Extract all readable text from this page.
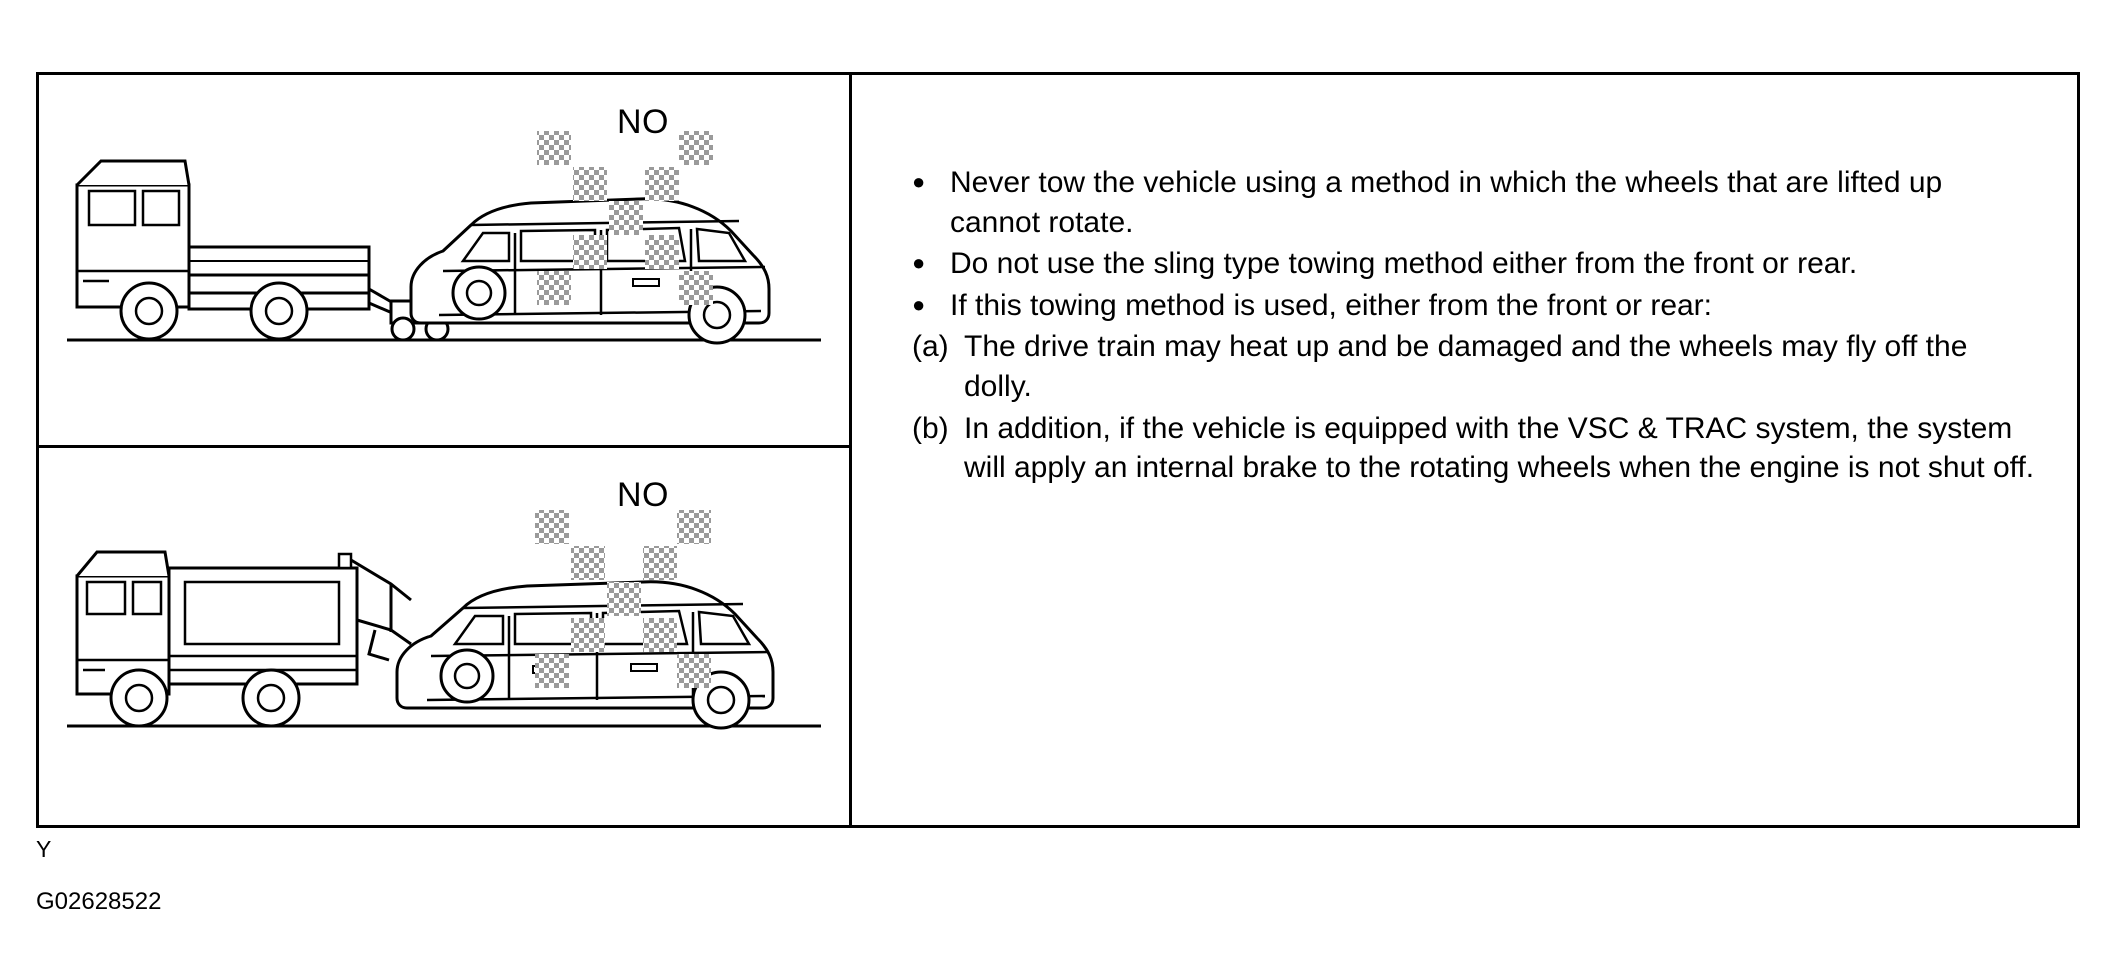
NO
NO
● Never tow the vehicle using a method in which the wheels that are lifted up cannot rotate.
● Do not use the sling type towing method either from the front or rear.
● If this towing method is used, either from the front or rear:
(a) The drive train may heat up and be damaged and the wheels may fly off the dolly.
(b) In addition, if the vehicle is equipped with the VSC & TRAC system, the system will apply an internal brake to the rotating wheels when the engine is not shut off.
Y
G02628522
